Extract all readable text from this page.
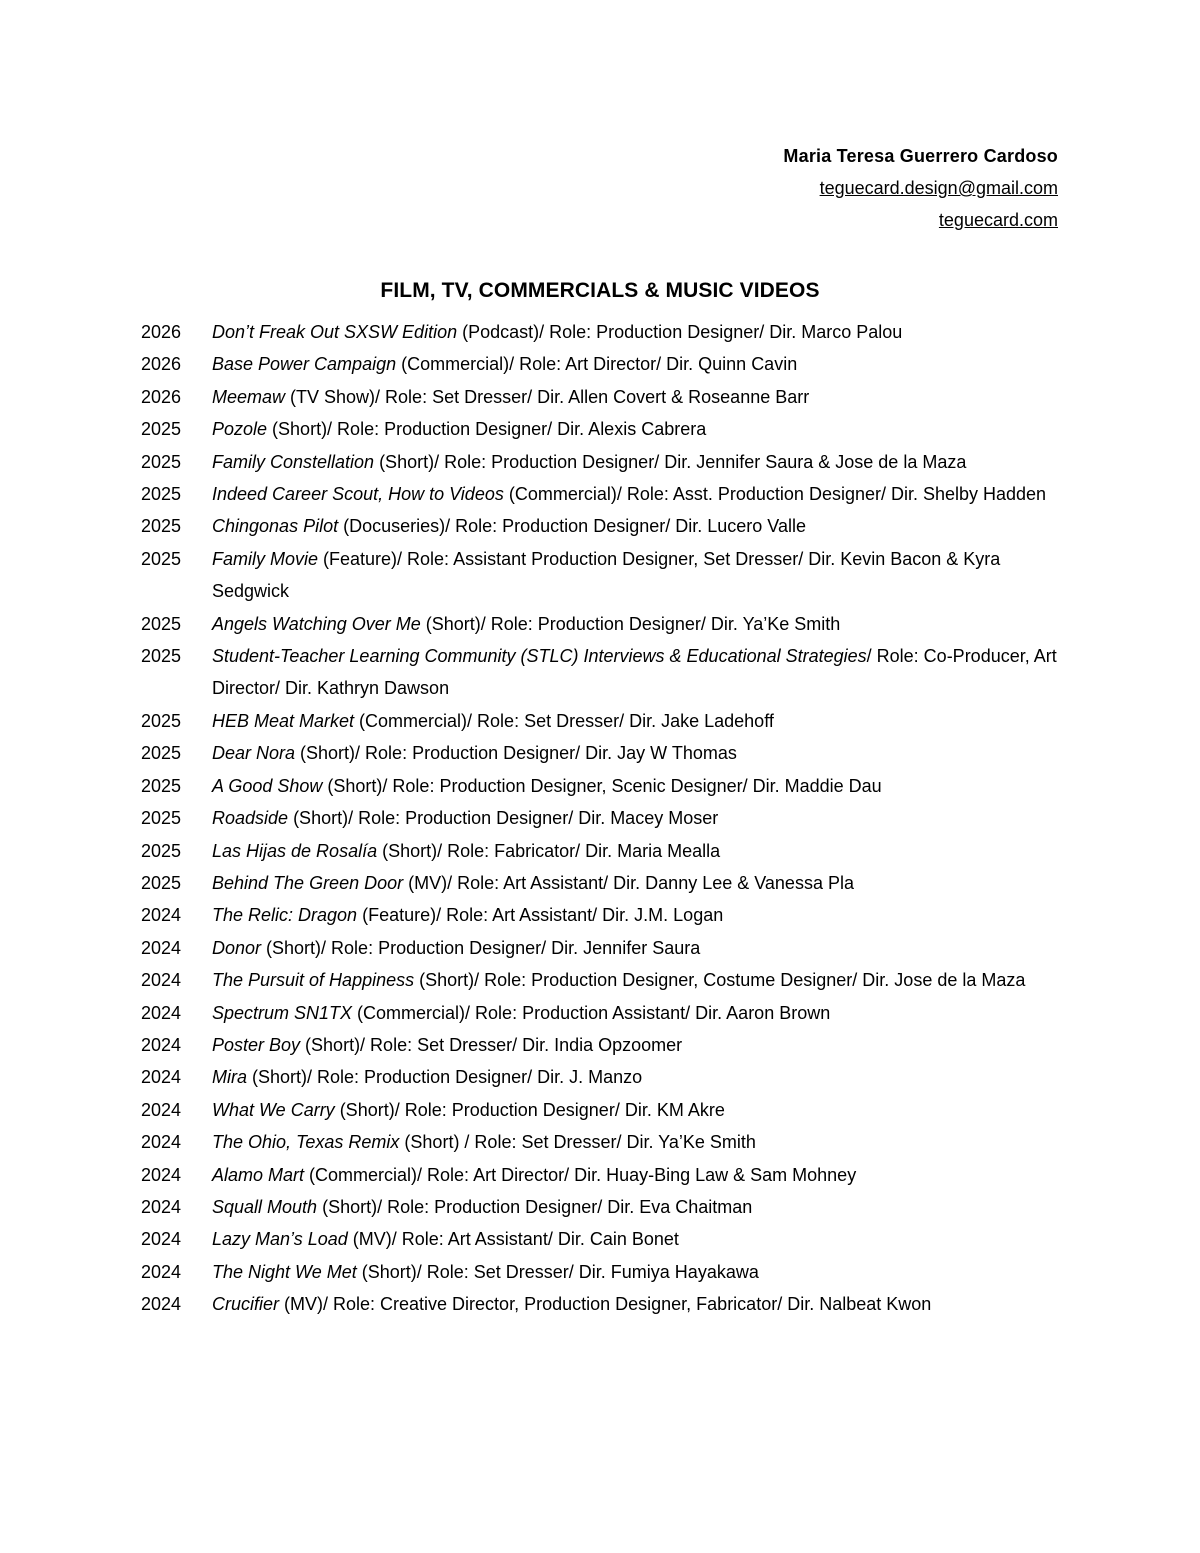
Maria Teresa Guerrero Cardoso
teguecard.design@gmail.com
teguecard.com
FILM, TV, COMMERCIALS & MUSIC VIDEOS
2026	Don’t Freak Out SXSW Edition (Podcast)/ Role: Production Designer/ Dir. Marco Palou
2026	Base Power Campaign (Commercial)/ Role: Art Director/ Dir. Quinn Cavin
2026	Meemaw (TV Show)/ Role: Set Dresser/ Dir. Allen Covert & Roseanne Barr
2025	Pozole (Short)/ Role: Production Designer/ Dir. Alexis Cabrera
2025	Family Constellation (Short)/ Role: Production Designer/ Dir. Jennifer Saura & Jose de la Maza
2025	Indeed Career Scout, How to Videos (Commercial)/ Role: Asst. Production Designer/ Dir. Shelby Hadden
2025	Chingonas Pilot (Docuseries)/ Role: Production Designer/ Dir. Lucero Valle
2025	Family Movie (Feature)/ Role: Assistant Production Designer, Set Dresser/ Dir. Kevin Bacon & Kyra Sedgwick
2025	Angels Watching Over Me (Short)/ Role: Production Designer/ Dir. Ya’Ke Smith
2025	Student-Teacher Learning Community (STLC) Interviews & Educational Strategies/ Role: Co-Producer, Art Director/ Dir. Kathryn Dawson
2025	HEB Meat Market (Commercial)/ Role: Set Dresser/ Dir. Jake Ladehoff
2025	Dear Nora (Short)/ Role: Production Designer/ Dir. Jay W Thomas
2025	A Good Show (Short)/ Role: Production Designer, Scenic Designer/ Dir. Maddie Dau
2025	Roadside (Short)/ Role: Production Designer/ Dir. Macey Moser
2025	Las Hijas de Rosalía (Short)/ Role: Fabricator/ Dir. Maria Mealla
2025	Behind The Green Door (MV)/ Role: Art Assistant/ Dir. Danny Lee & Vanessa Pla
2024	The Relic: Dragon (Feature)/ Role: Art Assistant/ Dir. J.M. Logan
2024	Donor (Short)/ Role: Production Designer/ Dir. Jennifer Saura
2024	The Pursuit of Happiness (Short)/ Role: Production Designer, Costume Designer/ Dir. Jose de la Maza
2024	Spectrum SN1TX (Commercial)/ Role: Production Assistant/ Dir. Aaron Brown
2024	Poster Boy (Short)/ Role: Set Dresser/ Dir. India Opzoomer
2024	Mira (Short)/ Role: Production Designer/ Dir. J. Manzo
2024	What We Carry (Short)/ Role: Production Designer/ Dir. KM Akre
2024	The Ohio, Texas Remix (Short) / Role: Set Dresser/ Dir. Ya’Ke Smith
2024	Alamo Mart (Commercial)/ Role: Art Director/ Dir. Huay-Bing Law & Sam Mohney
2024	Squall Mouth (Short)/ Role: Production Designer/ Dir. Eva Chaitman
2024	Lazy Man’s Load (MV)/ Role: Art Assistant/ Dir. Cain Bonet
2024	The Night We Met (Short)/ Role: Set Dresser/ Dir. Fumiya Hayakawa
2024	Crucifier (MV)/ Role: Creative Director, Production Designer, Fabricator/ Dir. Nalbeat Kwon
